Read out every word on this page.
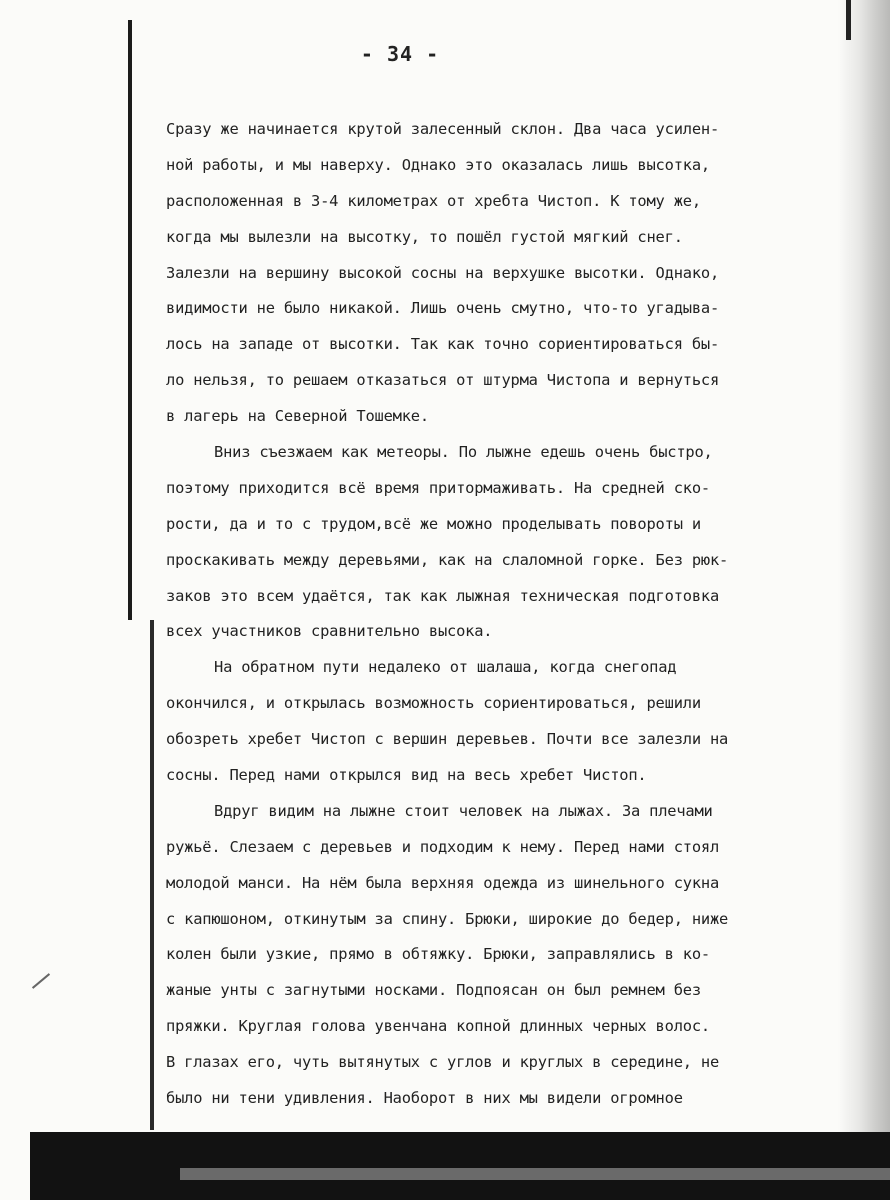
- 34 -
Сразу же начинается крутой залесенный склон. Два часа усилен-
ной работы, и мы наверху. Однако это оказалась лишь высотка,
расположенная в 3-4 километрах от хребта Чистоп. К тому же,
когда мы вылезли на высотку, то пошёл густой мягкий снег.
Залезли на вершину высокой сосны на верхушке высотки. Однако,
видимости не было никакой. Лишь очень смутно, что-то угадыва-
лось на западе от высотки. Так как точно сориентироваться бы-
ло нельзя, то решаем отказаться от штурма Чистопа и вернуться
в лагерь на Северной Тошемке.
Вниз съезжаем как метеоры. По лыжне едешь очень быстро,
поэтому приходится всё время притормаживать. На средней ско-
рости, да и то с трудом,всё же можно проделывать повороты и
проскакивать между деревьями, как на слаломной горке. Без рюк-
заков это всем удаётся, так как лыжная техническая подготовка
всех участников сравнительно высока.
На обратном пути недалеко от шалаша, когда снегопад
окончился, и открылась возможность сориентироваться, решили
обозреть хребет Чистоп с вершин деревьев. Почти все залезли на
сосны. Перед нами открылся вид на весь хребет Чистоп.
Вдруг видим на лыжне стоит человек на лыжах. За плечами
ружьё. Слезаем с деревьев и подходим к нему. Перед нами стоял
молодой манси. На нём была верхняя одежда из шинельного сукна
с капюшоном, откинутым за спину. Брюки, широкие до бедер, ниже
колен были узкие, прямо в обтяжку. Брюки, заправлялись в ко-
жаные унты с загнутыми носками. Подпоясан он был ремнем без
пряжки. Круглая голова увенчана копной длинных черных волос.
В глазах его, чуть вытянутых с углов и круглых в середине, не
было ни тени удивления. Наоборот в них мы видели огромное
